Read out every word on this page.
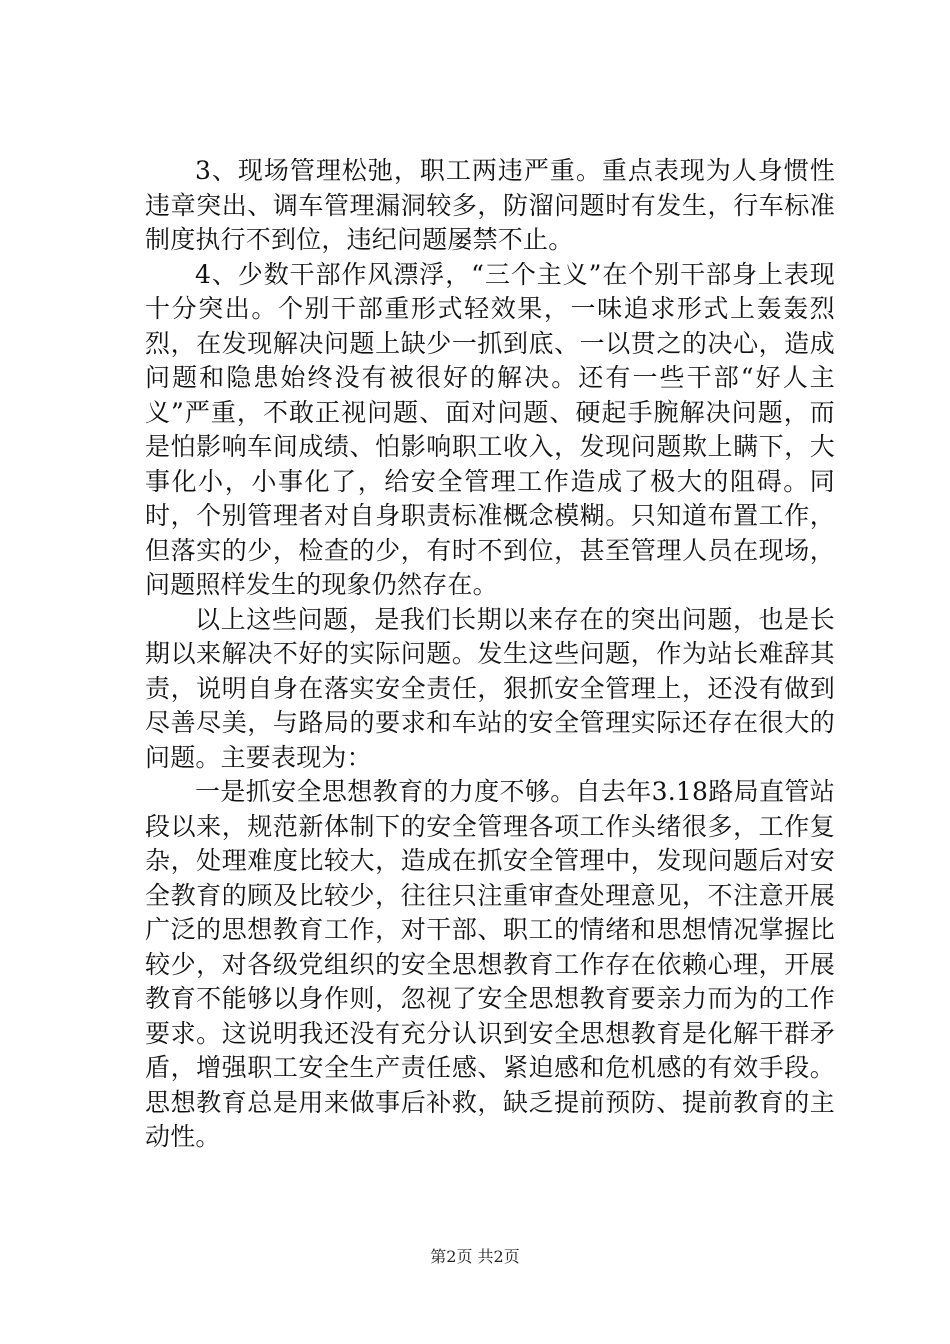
3、现场管理松弛，职工两违严重。重点表现为人身惯性违章突出、调车管理漏洞较多，防溜问题时有发生，行车标准制度执行不到位，违纪问题屡禁不止。

4、少数干部作风漂浮，“三个主义”在个别干部身上表现十分突出。个别干部重形式轻效果，一味追求形式上轰轰烈烈，在发现解决问题上缺少一抓到底、一以贯之的决心，造成问题和隐患始终没有被很好的解决。还有一些干部“好人主义”严重，不敢正视问题、面对问题、硬起手腕解决问题，而是怕影响车间成绩、怕影响职工收入，发现问题欺上瞒下，大事化小，小事化了，给安全管理工作造成了极大的阻碍。同时，个别管理者对自身职责标准概念模糊。只知道布置工作，但落实的少，检查的少，有时不到位，甚至管理人员在现场，问题照样发生的现象仍然存在。

以上这些问题，是我们长期以来存在的突出问题，也是长期以来解决不好的实际问题。发生这些问题，作为站长难辞其责，说明自身在落实安全责任，狠抓安全管理上，还没有做到尽善尽美，与路局的要求和车站的安全管理实际还存在很大的问题。主要表现为：

一是抓安全思想教育的力度不够。自去年3.18路局直管站段以来，规范新体制下的安全管理各项工作头绪很多，工作复杂，处理难度比较大，造成在抓安全管理中，发现问题后对安全教育的顾及比较少，往往只注重审查处理意见，不注意开展广泛的思想教育工作，对干部、职工的情绪和思想情况掌握比较少，对各级党组织的安全思想教育工作存在依赖心理，开展教育不能够以身作则，忽视了安全思想教育要亲力而为的工作要求。这说明我还没有充分认识到安全思想教育是化解干群矛盾，增强职工安全生产责任感、紧迫感和危机感的有效手段。思想教育总是用来做事后补救，缺乏提前预防、提前教育的主动性。

第2页 共2页
